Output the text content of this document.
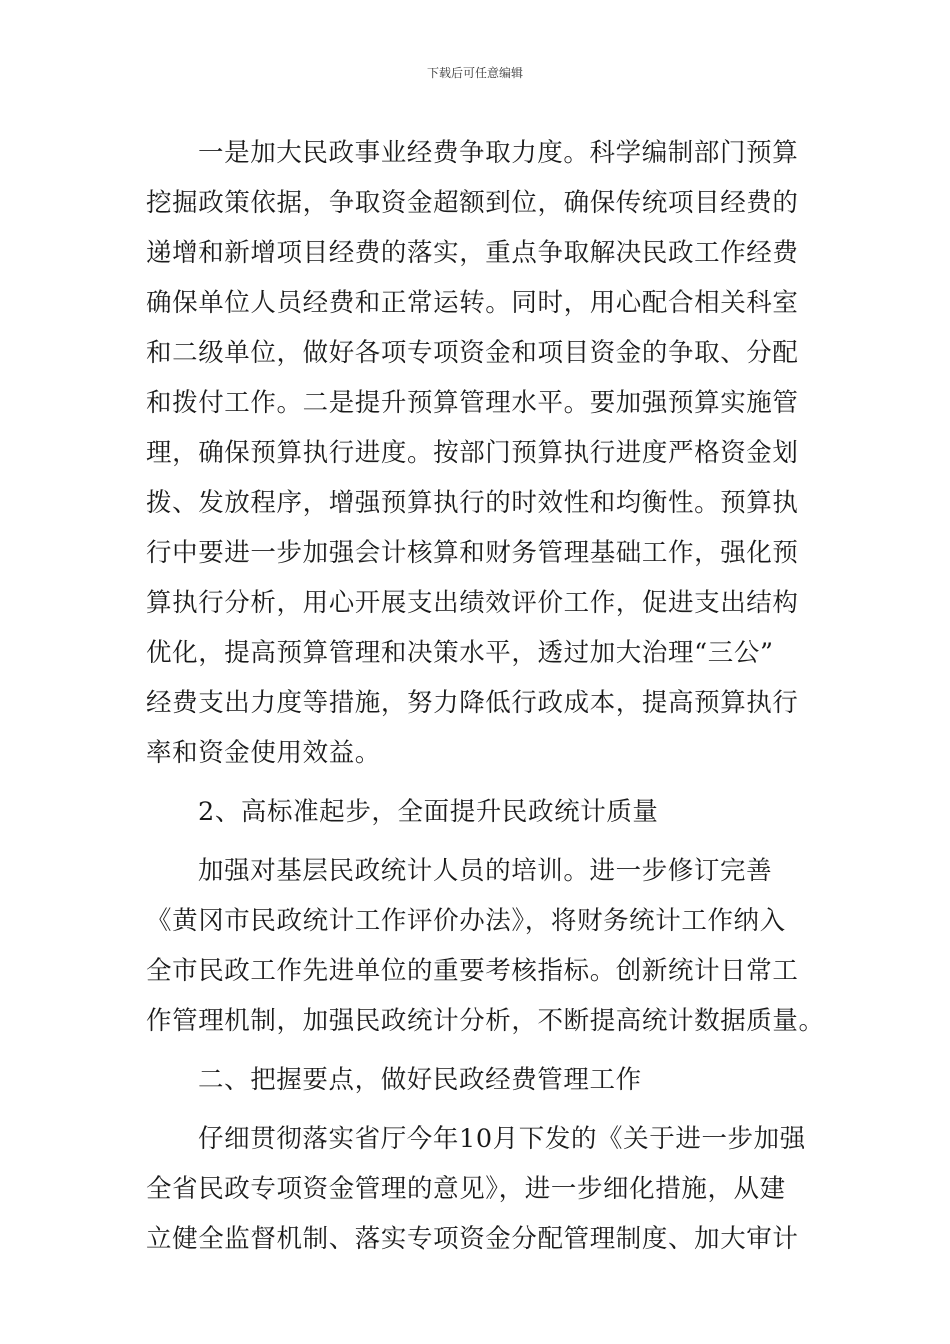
下载后可任意编辑
一是加大民政事业经费争取力度。科学编制部门预算
挖掘政策依据，争取资金超额到位，确保传统项目经费的
递增和新增项目经费的落实，重点争取解决民政工作经费
确保单位人员经费和正常运转。同时，用心配合相关科室
和二级单位，做好各项专项资金和项目资金的争取、分配
和拨付工作。二是提升预算管理水平。要加强预算实施管
理，确保预算执行进度。按部门预算执行进度严格资金划
拨、发放程序，增强预算执行的时效性和均衡性。预算执
行中要进一步加强会计核算和财务管理基础工作，强化预
算执行分析，用心开展支出绩效评价工作，促进支出结构
优化，提高预算管理和决策水平，透过加大治理“三公”
经费支出力度等措施，努力降低行政成本，提高预算执行
率和资金使用效益。
2、高标准起步，全面提升民政统计质量
加强对基层民政统计人员的培训。进一步修订完善
《黄冈市民政统计工作评价办法》，将财务统计工作纳入
全市民政工作先进单位的重要考核指标。创新统计日常工
作管理机制，加强民政统计分析，不断提高统计数据质量。
二、把握要点，做好民政经费管理工作
仔细贯彻落实省厅今年10月下发的《关于进一步加强
全省民政专项资金管理的意见》，进一步细化措施，从建
立健全监督机制、落实专项资金分配管理制度、加大审计
